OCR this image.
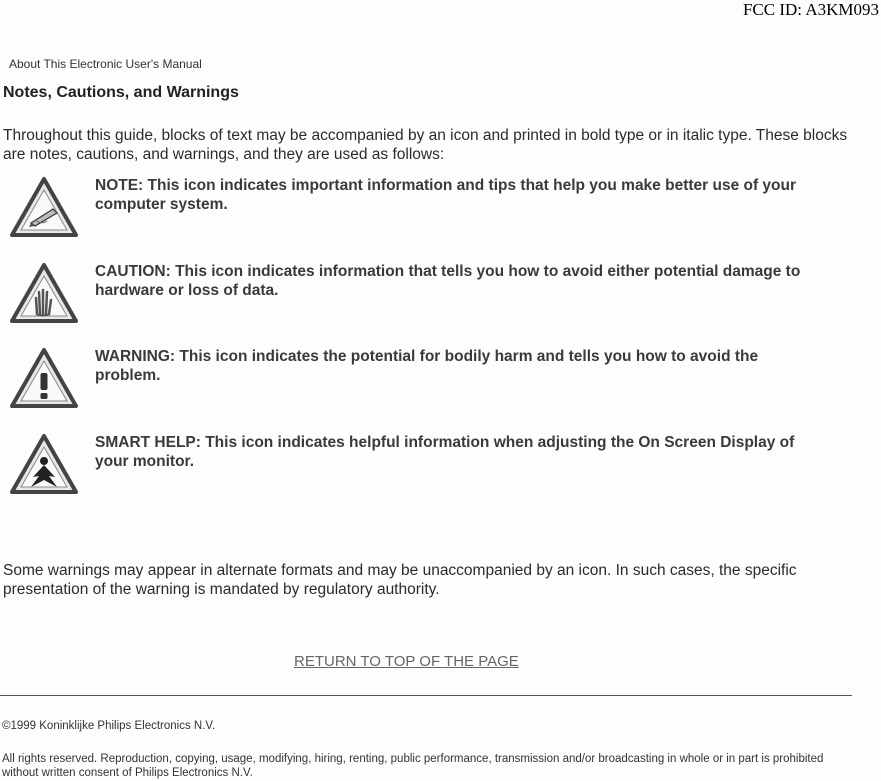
FCC ID: A3KM093
About This Electronic User's Manual
Notes, Cautions, and Warnings

Throughout this guide, blocks of text may be accompanied by an icon and printed in bold type or in italic type. These blocks are notes, cautions, and warnings, and they are used as follows:

NOTE: This icon indicates important information and tips that help you make better use of your computer system.
CAUTION: This icon indicates information that tells you how to avoid either potential damage to hardware or loss of data.
WARNING: This icon indicates the potential for bodily harm and tells you how to avoid the problem.
SMART HELP: This icon indicates helpful information when adjusting the On Screen Display of your monitor.

Some warnings may appear in alternate formats and may be unaccompanied by an icon. In such cases, the specific presentation of the warning is mandated by regulatory authority.

RETURN TO TOP OF THE PAGE
©1999 Koninklijke Philips Electronics N.V.
All rights reserved. Reproduction, copying, usage, modifying, hiring, renting, public performance, transmission and/or broadcasting in whole or in part is prohibited without written consent of Philips Electronics N.V.
